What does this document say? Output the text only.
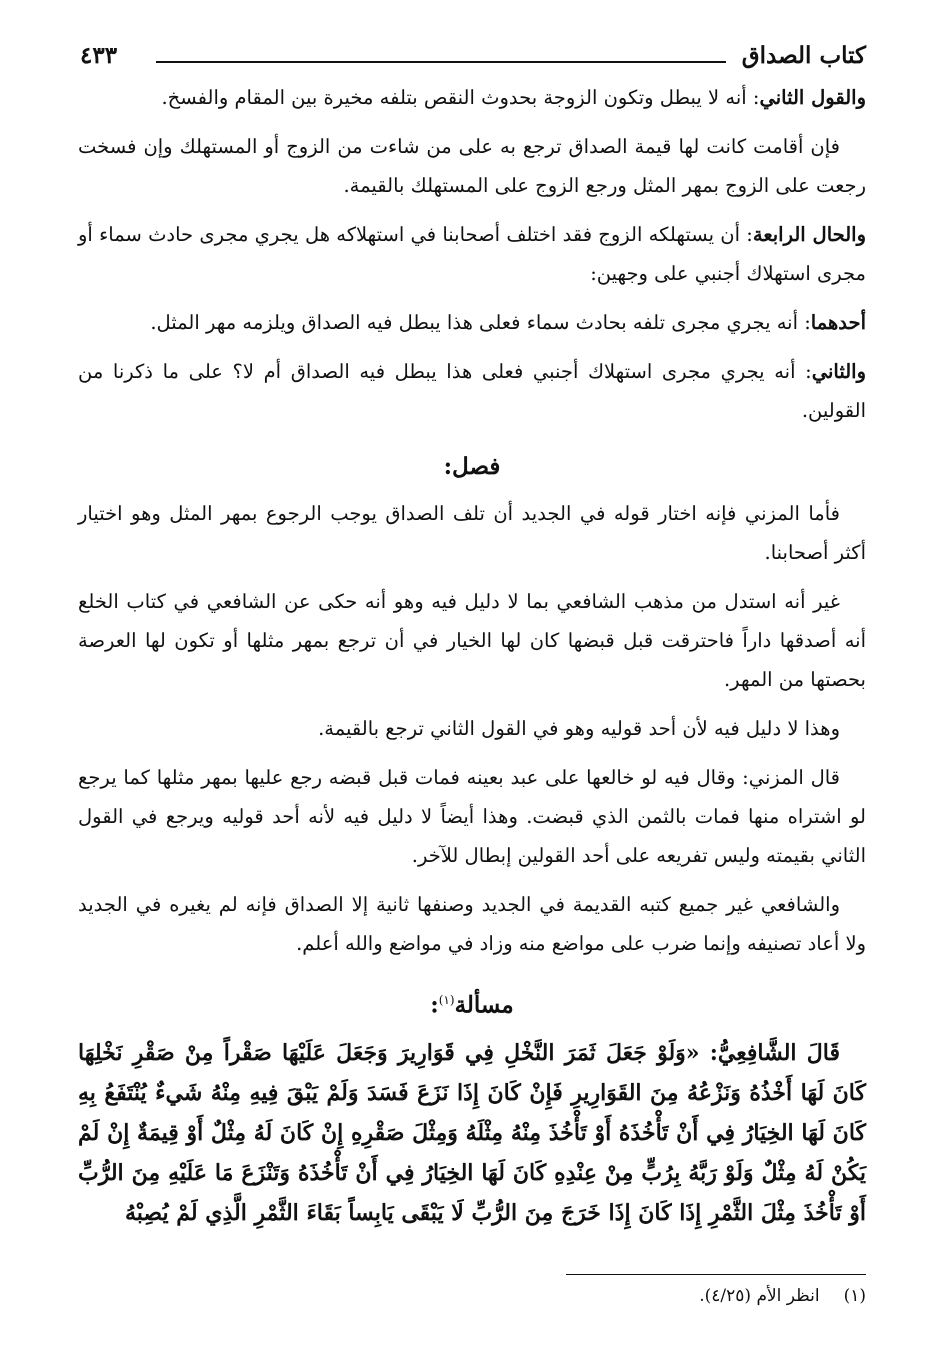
كتاب الصداق
٤٣٣

والقول الثاني: أنه لا يبطل وتكون الزوجة بحدوث النقص بتلفه مخيرة بين المقام والفسخ.

فإن أقامت كانت لها قيمة الصداق ترجع به على من شاءت من الزوج أو المستهلك وإن فسخت رجعت على الزوج بمهر المثل ورجع الزوج على المستهلك بالقيمة.

والحال الرابعة: أن يستهلكه الزوج فقد اختلف أصحابنا في استهلاكه هل يجري مجرى حادث سماء أو مجرى استهلاك أجنبي على وجهين:

أحدهما: أنه يجري مجرى تلفه بحادث سماء فعلى هذا يبطل فيه الصداق ويلزمه مهر المثل.

والثاني: أنه يجري مجرى استهلاك أجنبي فعلى هذا يبطل فيه الصداق أم لا؟ على ما ذكرنا من القولين.

فصل:

فأما المزني فإنه اختار قوله في الجديد أن تلف الصداق يوجب الرجوع بمهر المثل وهو اختيار أكثر أصحابنا.

غير أنه استدل من مذهب الشافعي بما لا دليل فيه وهو أنه حكى عن الشافعي في كتاب الخلع أنه أصدقها داراً فاحترقت قبل قبضها كان لها الخيار في أن ترجع بمهر مثلها أو تكون لها العرصة بحصتها من المهر.

وهذا لا دليل فيه لأن أحد قوليه وهو في القول الثاني ترجع بالقيمة.

قال المزني: وقال فيه لو خالعها على عبد بعينه فمات قبل قبضه رجع عليها بمهر مثلها كما يرجع لو اشتراه منها فمات بالثمن الذي قبضت. وهذا أيضاً لا دليل فيه لأنه أحد قوليه ويرجع في القول الثاني بقيمته وليس تفريعه على أحد القولين إبطال للآخر.

والشافعي غير جميع كتبه القديمة في الجديد وصنفها ثانية إلا الصداق فإنه لم يغيره في الجديد ولا أعاد تصنيفه وإنما ضرب على مواضع منه وزاد في مواضع والله أعلم.

مسألة$^{(١)}$:

قَالَ الشَّافِعِيُّ: «وَلَوْ جَعَلَ ثَمَرَ النَّخْلِ فِي قَوَارِيرَ وَجَعَلَ عَلَيْهَا صَقْراً مِنْ صَقْرِ نَخْلِهَا كَانَ لَهَا أَخْذُهُ وَنَزْعُهُ مِنَ القَوَارِيرِ فَإِنْ كَانَ إِذَا نَزَعَ فَسَدَ وَلَمْ يَبْقَ فِيهِ مِنْهُ شَيءٌ يُنْتَفَعُ بِهِ كَانَ لَهَا الخِيَارُ فِي أَنْ تَأْخُذَهُ أَوْ تَأْخُذَ مِنْهُ مِثْلَهُ وَمِثْلَ صَقْرِهِ إِنْ كَانَ لَهُ مِثْلٌ أَوْ قِيمَةٌ إِنْ لَمْ يَكُنْ لَهُ مِثْلٌ وَلَوْ رَبَّهُ بِرُبٍّ مِنْ عِنْدِهِ كَانَ لَهَا الخِيَارُ فِي أَنْ تَأْخُذَهُ وَتَنْزَعَ مَا عَلَيْهِ مِنَ الرُّبِّ أَوْ تَأْخُذَ مِثْلَ الثَّمْرِ إِذَا كَانَ إِذَا خَرَجَ مِنَ الرُّبِّ لَا يَبْقَى يَابِساً بَقَاءَ الثَّمْرِ الَّذِي لَمْ يُصِبْهُ

(١)انظر الأم (٤/٢٥).
